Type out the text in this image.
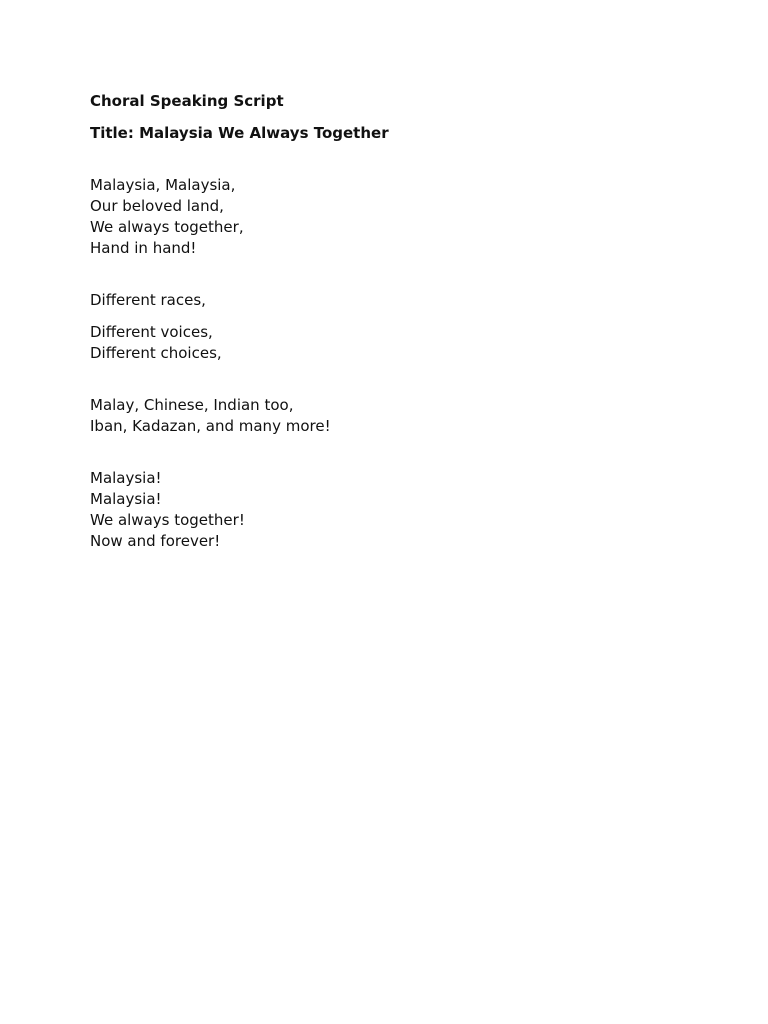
Choral Speaking Script

Title: Malaysia We Always Together

Malaysia, Malaysia,
Our beloved land,
We always together,
Hand in hand!
Different races,
Different voices,
Different choices,
Malay, Chinese, Indian too,
Iban, Kadazan, and many more!
Malaysia!
Malaysia!
We always together!
Now and forever!
